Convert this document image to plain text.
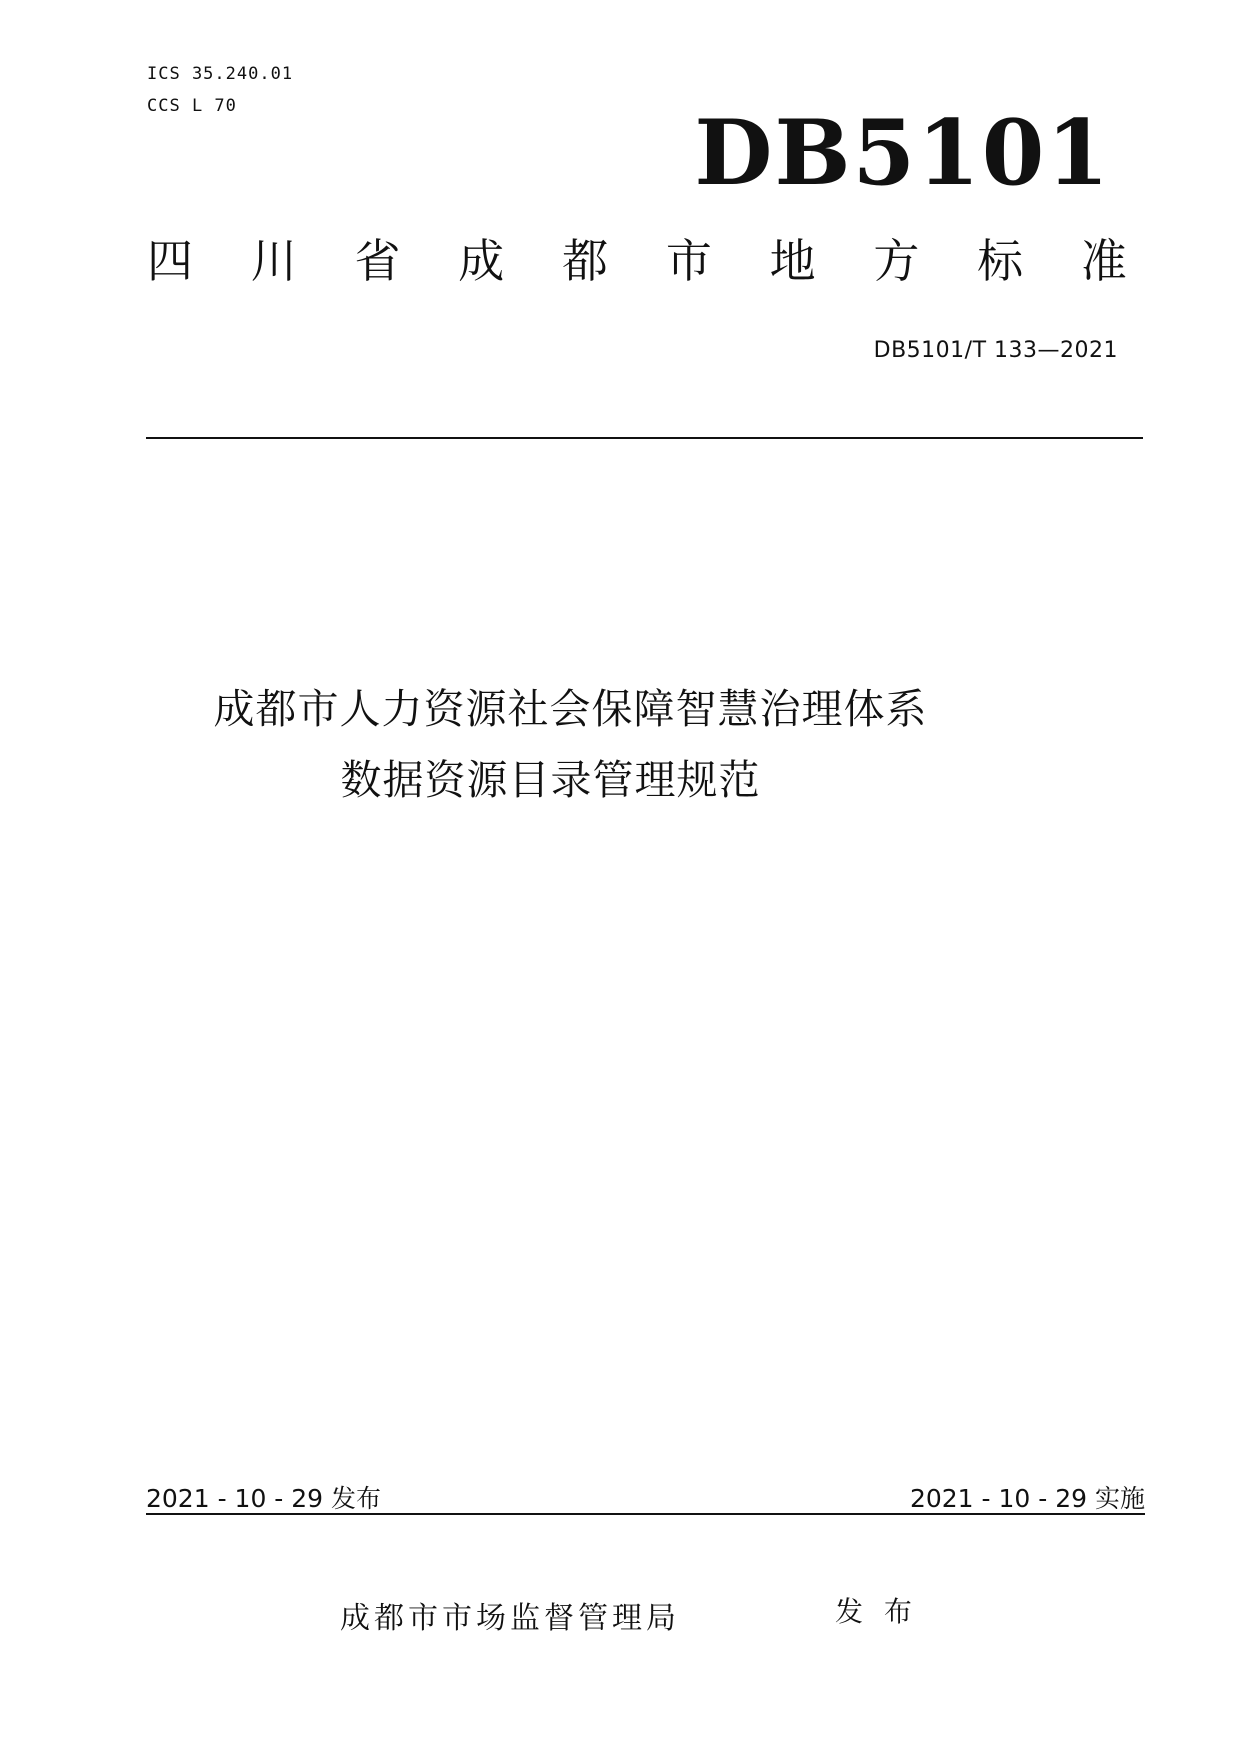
ICS 35.240.01
CCS L 70	DB5101
四 川 省 成 都 市 地 方 标 准
DB5101/T 133—2021
成都市人力资源社会保障智慧治理体系
数据资源目录管理规范
2021 - 10 - 29 发布	2021 - 10 - 29 实施
成都市市场监督管理局	发 布
